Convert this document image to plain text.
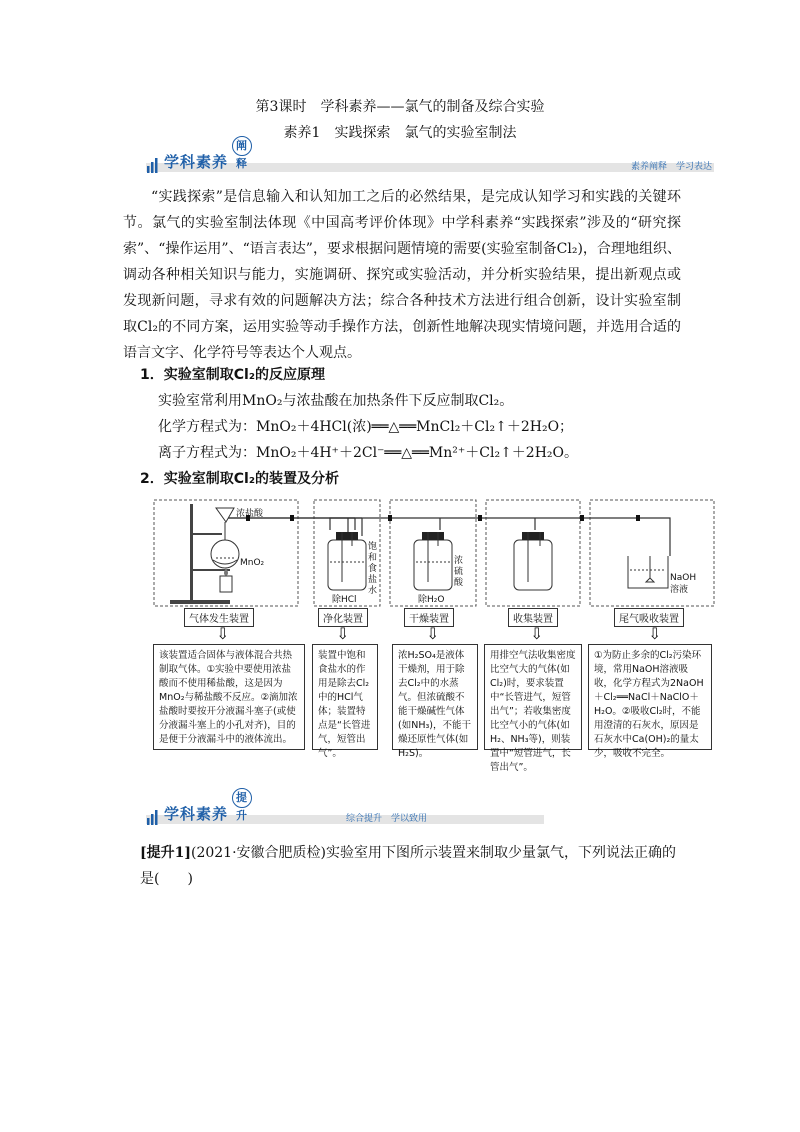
第3课时　学科素养——氯气的制备及综合实验
素养1　实践探索　氯气的实验室制法
学科素养阐释	素养阐释　学习表达
“实践探索”是信息输入和认知加工之后的必然结果，是完成认知学习和实践的关键环节。氯气的实验室制法体现《中国高考评价体现》中学科素养“实践探索”涉及的“研究探索”、“操作运用”、“语言表达”，要求根据问题情境的需要(实验室制备Cl₂)，合理地组织、调动各种相关知识与能力，实施调研、探究或实验活动，并分析实验结果，提出新观点或发现新问题，寻求有效的问题解决方法；综合各种技术方法进行组合创新，设计实验室制取Cl₂的不同方案，运用实验等动手操作方法，创新性地解决现实情境问题，并选用合适的语言文字、化学符号等表达个人观点。
1．实验室制取Cl₂的反应原理
实验室常利用MnO₂与浓盐酸在加热条件下反应制取Cl₂。
化学方程式为：MnO₂＋4HCl(浓)══△══MnCl₂＋Cl₂↑＋2H₂O；
离子方程式为：MnO₂＋4H⁺＋2Cl⁻══△══Mn²⁺＋Cl₂↑＋2H₂O。
2．实验室制取Cl₂的装置及分析
浓盐酸
MnO₂
饱和食盐水
除HCl
浓硫酸
除H₂O
NaOH溶液
气体发生装置	净化装置	干燥装置	收集装置	尾气吸收装置
⇩	⇩	⇩	⇩	⇩
该装置适合固体与液体混合共热制取气体。①实验中要使用浓盐酸而不使用稀盐酸，这是因为MnO₂与稀盐酸不反应。②滴加浓盐酸时要按开分液漏斗塞子(或使分液漏斗塞上的小孔对齐)，目的是便于分液漏斗中的液体流出。
装置中饱和食盐水的作用是除去Cl₂中的HCl气体；装置特点是“长管进气，短管出气”。
浓H₂SO₄是液体干燥剂，用于除去Cl₂中的水蒸气。但浓硫酸不能干燥碱性气体(如NH₃)，不能干燥还原性气体(如H₂S)。
用排空气法收集密度比空气大的气体(如Cl₂)时，要求装置中“长管进气，短管出气”；若收集密度比空气小的气体(如H₂、NH₃等)，则装置中“短管进气，长管出气”。
①为防止多余的Cl₂污染环境，常用NaOH溶液吸收，化学方程式为2NaOH＋Cl₂══NaCl＋NaClO＋H₂O。②吸收Cl₂时，不能用澄清的石灰水，原因是石灰水中Ca(OH)₂的量太少，吸收不完全。
学科素养提升	综合提升　学以致用
[提升1](2021·安徽合肥质检)实验室用下图所示装置来制取少量氯气，下列说法正确的是(　　)
